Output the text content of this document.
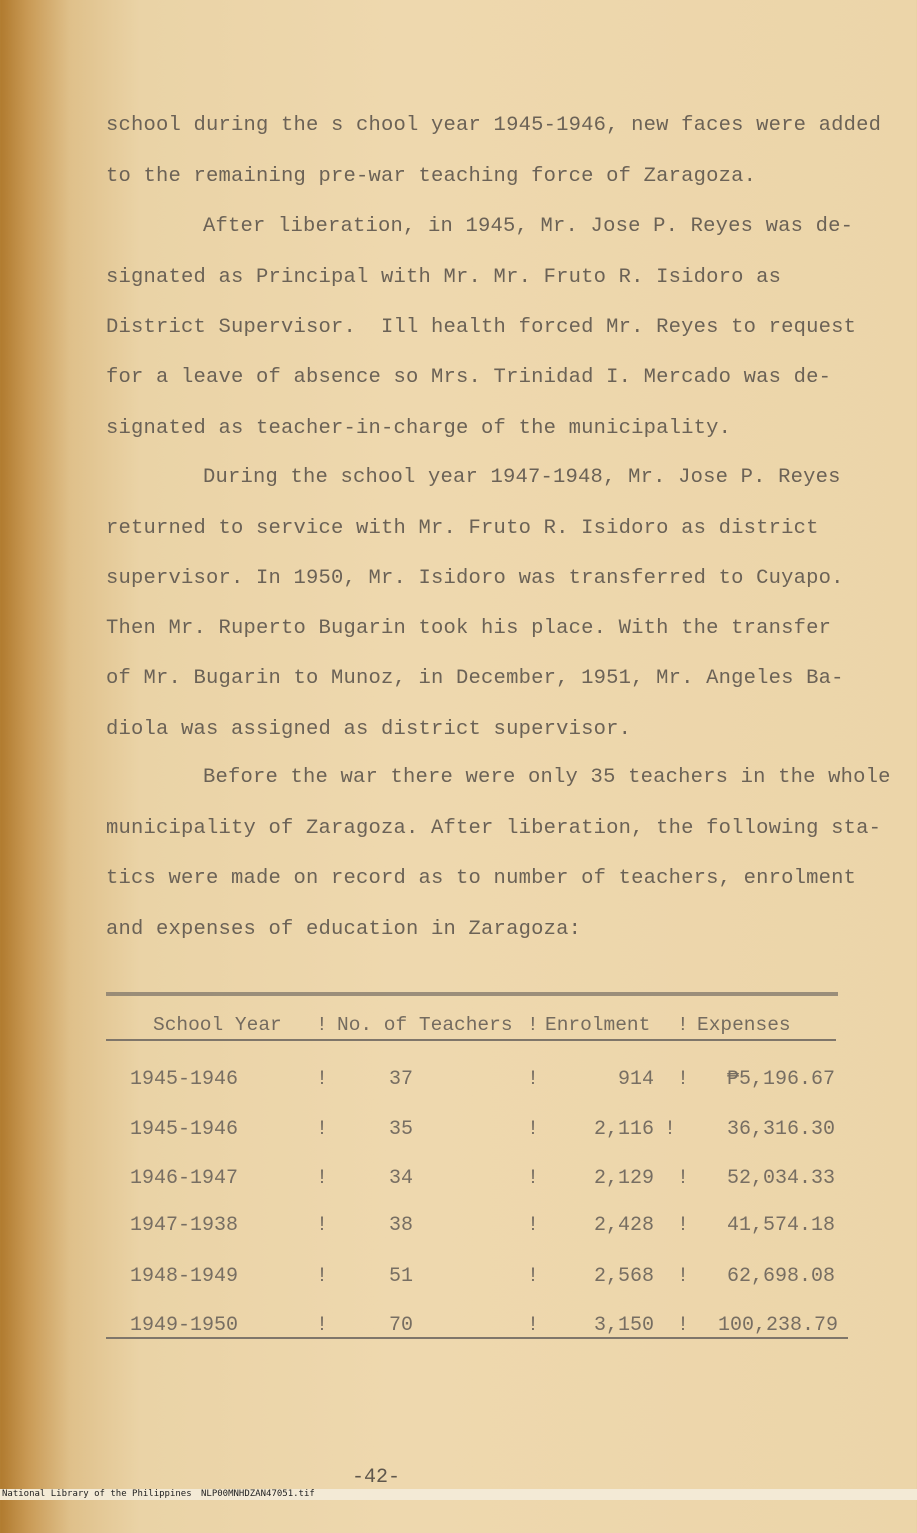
school during the s chool year 1945-1946, new faces were added
to the remaining pre-war teaching force of Zaragoza.
After liberation, in 1945, Mr. Jose P. Reyes was de-
signated as Principal with Mr. Mr. Fruto R. Isidoro as
District Supervisor.  Ill health forced Mr. Reyes to request
for a leave of absence so Mrs. Trinidad I. Mercado was de-
signated as teacher-in-charge of the municipality.
During the school year 1947-1948, Mr. Jose P. Reyes
returned to service with Mr. Fruto R. Isidoro as district
supervisor. In 1950, Mr. Isidoro was transferred to Cuyapo.
Then Mr. Ruperto Bugarin took his place. With the transfer
of Mr. Bugarin to Munoz, in December, 1951, Mr. Angeles Ba-
diola was assigned as district supervisor.
Before the war there were only 35 teachers in the whole
municipality of Zaragoza. After liberation, the following sta-
tics were made on record as to number of teachers, enrolment
and expenses of education in Zaragoza:
School Year ! No. of Teachers ! Enrolment ! Expenses
1945-1946	!	37	!	914 !	₱5,196.67
1945-1946	!	35	!	2,116 !	36,316.30
1946-1947	!	34	!	2,129 !	52,034.33
1947-1938	!	38	!	2,428 !	41,574.18
1948-1949	!	51	!	2,568 !	62,698.08
1949-1950	!	70	!	3,150 !	100,238.79
-42-

National Library of the Philippines

NLP00MNHDZAN47051.tif
